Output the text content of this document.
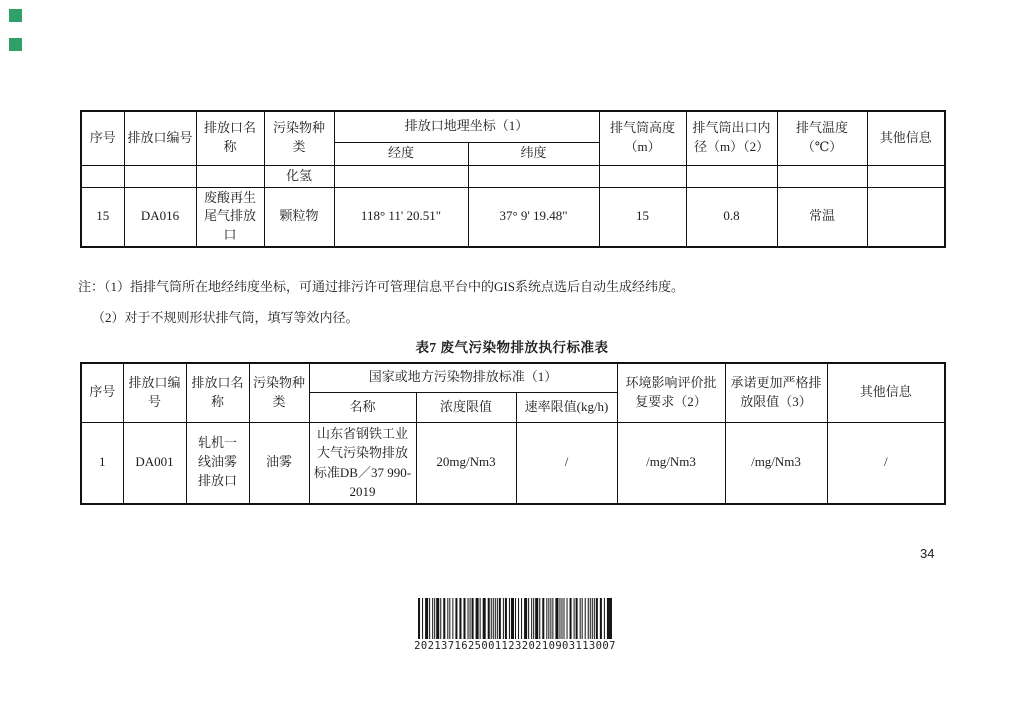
序号	排放口编号	排放口名称	污染物种类	排放口地理坐标（1）		排气筒高度（m）	排气筒出口内径（m）（2）	排气温度（℃）	其他信息
				经度	纬度				
			化氢						
15	DA016	废酸再生尾气排放口	颗粒物	118° 11' 20.51"	37° 9' 19.48"	15	0.8	常温	
注：（1）指排气筒所在地经纬度坐标，可通过排污许可管理信息平台中的GIS系统点选后自动生成经纬度。
（2）对于不规则形状排气筒，填写等效内径。
表7 废气污染物排放执行标准表
序号	排放口编号	排放口名称	污染物种类	国家或地方污染物排放标准（1）			环境影响评价批复要求（2）	承诺更加严格排放限值（3）	其他信息
				名称	浓度限值	速率限值(kg/h)			
1	DA001	轧机一线油雾排放口	油雾	山东省钢铁工业大气污染物排放标准DB／37 990-2019	20mg/Nm3	/	/mg/Nm3	/mg/Nm3	/
34
202137162500112320210903113007
